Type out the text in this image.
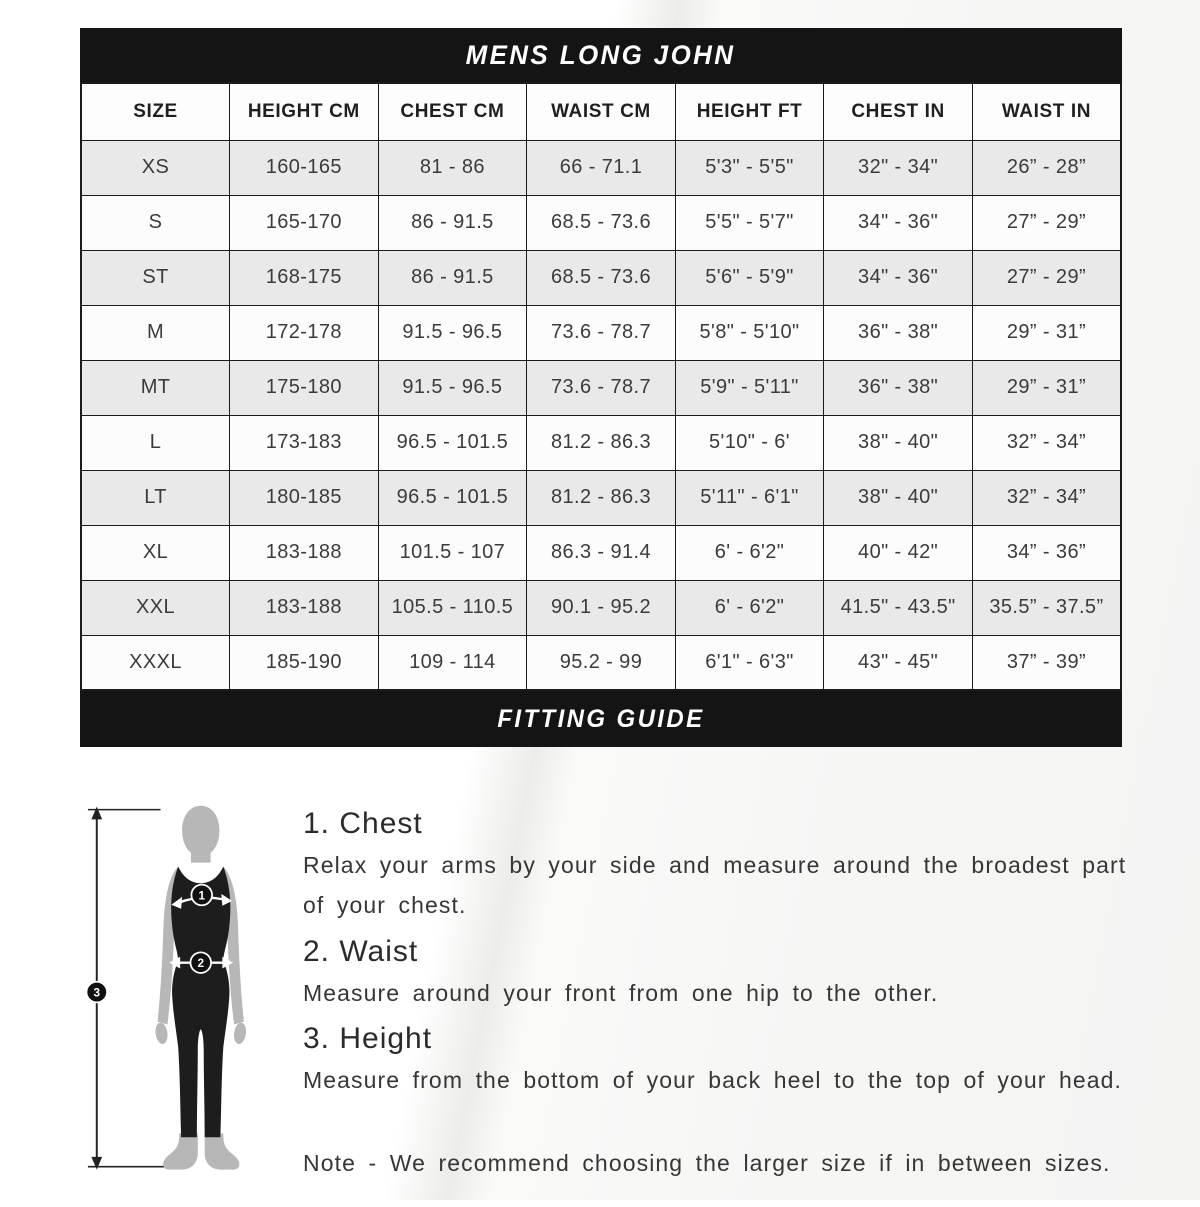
MENS LONG JOHN
SIZE	HEIGHT CM	CHEST CM	WAIST CM	HEIGHT FT	CHEST IN	WAIST IN
XS	160-165	81 - 86	66 - 71.1	5'3" - 5'5"	32" - 34"	26” - 28”
S	165-170	86 - 91.5	68.5 - 73.6	5'5" - 5'7"	34" - 36"	27” - 29”
ST	168-175	86 - 91.5	68.5 - 73.6	5'6" - 5'9"	34" - 36"	27” - 29”
M	172-178	91.5 - 96.5	73.6 - 78.7	5'8" - 5'10"	36" - 38"	29” - 31”
MT	175-180	91.5 - 96.5	73.6 - 78.7	5'9" - 5'11"	36" - 38"	29” - 31”
L	173-183	96.5 - 101.5	81.2 - 86.3	5'10" - 6'	38" - 40"	32” - 34”
LT	180-185	96.5 - 101.5	81.2 - 86.3	5'11" - 6'1"	38" - 40"	32” - 34”
XL	183-188	101.5 - 107	86.3 - 91.4	6' - 6'2"	40" - 42"	34” - 36”
XXL	183-188	105.5 - 110.5	90.1 - 95.2	6' - 6'2"	41.5" - 43.5"	35.5” - 37.5”
XXXL	185-190	109 - 114	95.2 - 99	6'1" - 6'3"	43" - 45"	37” - 39”
FITTING GUIDE
1
2
3
1. Chest
Relax your arms by your side and measure around the broadest part of your chest.
2. Waist
Measure around your front from one hip to the other.
3. Height
Measure from the bottom of your back heel to the top of your head.
Note - We recommend choosing the larger size if in between sizes.
